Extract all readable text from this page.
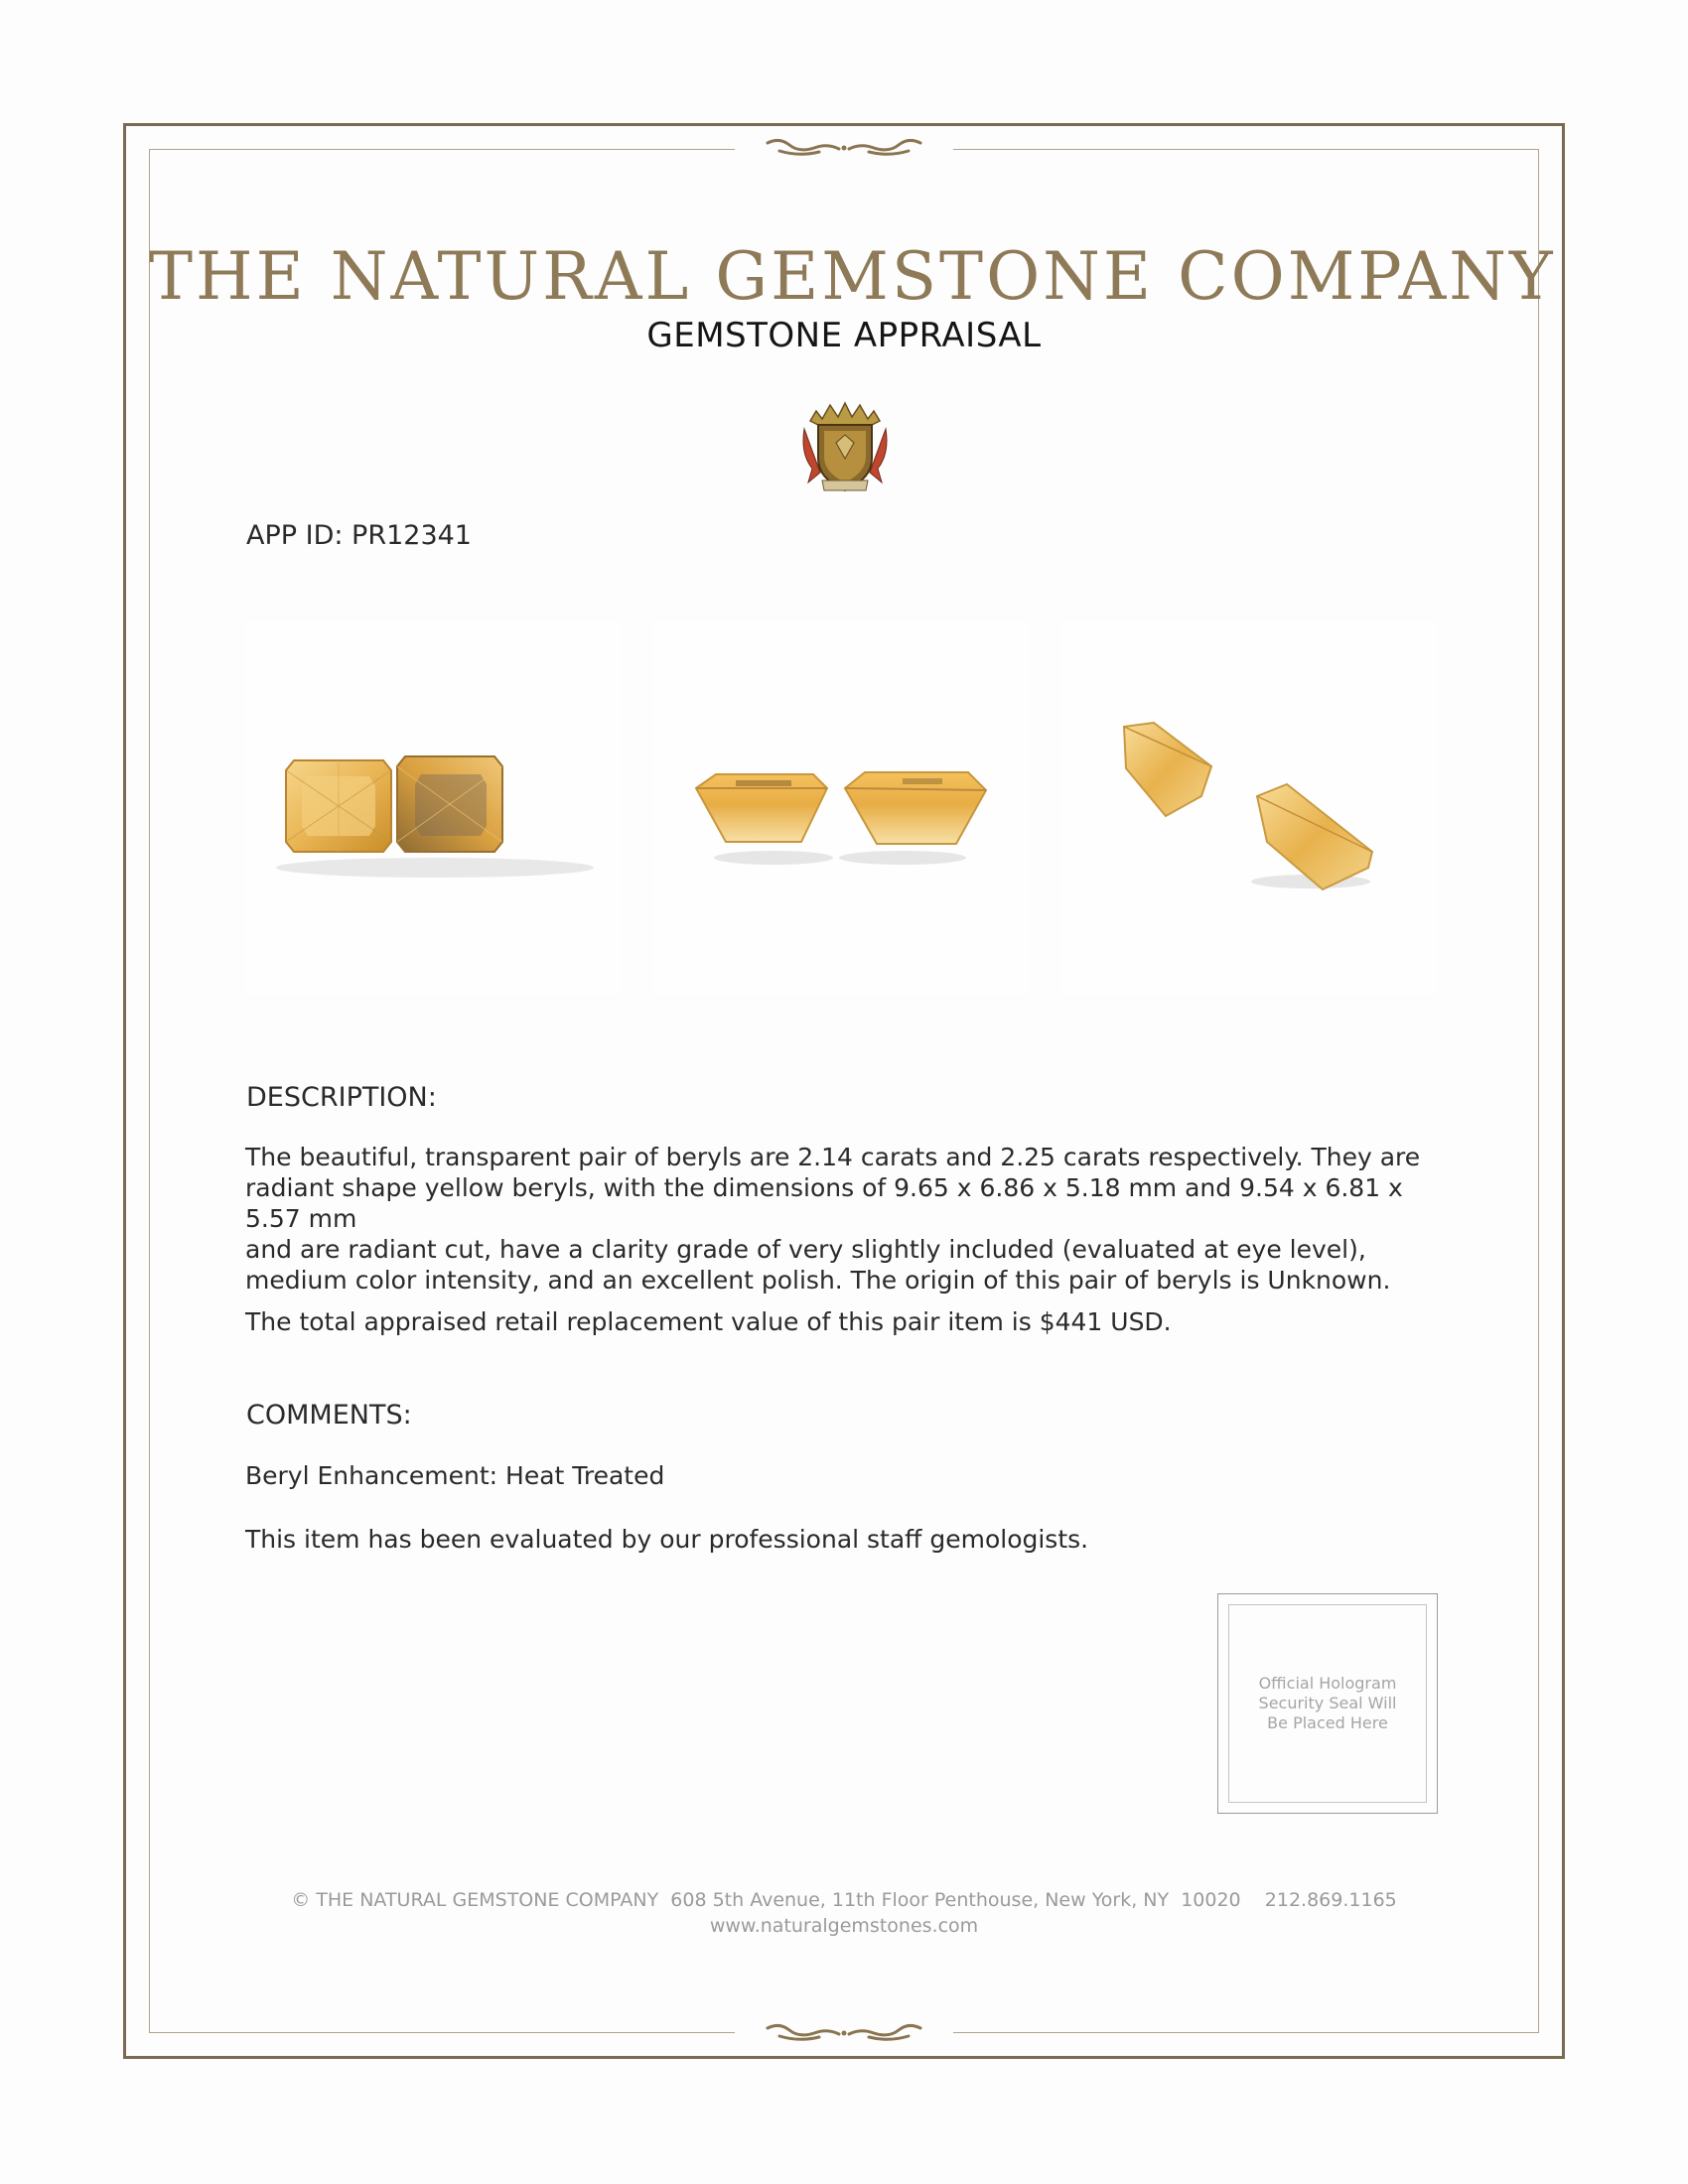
THE NATURAL GEMSTONE COMPANY
GEMSTONE APPRAISAL
APP ID: PR12341
DESCRIPTION:
The beautiful, transparent pair of beryls are 2.14 carats and 2.25 carats respectively. They are
radiant shape yellow beryls, with the dimensions of 9.65 x 6.86 x 5.18 mm and 9.54 x 6.81 x 5.57 mm
and are radiant cut, have a clarity grade of very slightly included (evaluated at eye level),
medium color intensity, and an excellent polish. The origin of this pair of beryls is Unknown.
The total appraised retail replacement value of this pair item is $441 USD.
COMMENTS:
Beryl Enhancement: Heat Treated
This item has been evaluated by our professional staff gemologists.
Official Hologram
Security Seal Will
Be Placed Here
© THE NATURAL GEMSTONE COMPANY  608 5th Avenue, 11th Floor Penthouse, New York, NY  10020    212.869.1165
www.naturalgemstones.com
